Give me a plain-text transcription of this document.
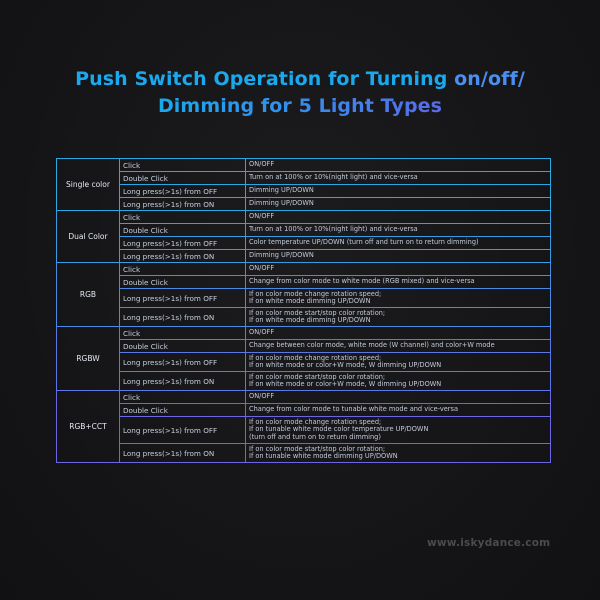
Push Switch Operation for Turning on/off/
Dimming for 5 Light Types
Single color	Click	ON/OFF

	Double Click	Turn on at 100% or 10%(night light) and vice-versa

	Long press(>1s) from OFF	Dimming UP/DOWN

	Long press(>1s) from ON	Dimming UP/DOWN

Dual Color	Click	ON/OFF

	Double Click	Turn on at 100% or 10%(night light) and vice-versa

	Long press(>1s) from OFF	Color temperature UP/DOWN (turn off and turn on to return dimming)

	Long press(>1s) from ON	Dimming UP/DOWN

RGB	Click	ON/OFF

	Double Click	Change from color mode to white mode (RGB mixed) and vice-versa

	Long press(>1s) from OFF	If on color mode change rotation speed;
If on white mode dimming UP/DOWN

	Long press(>1s) from ON	If on color mode start/stop color rotation;
If on white mode dimming UP/DOWN

RGBW	Click	ON/OFF

	Double Click	Change between color mode, white mode (W channel) and color+W mode

	Long press(>1s) from OFF	If on color mode change rotation speed;
If on white mode or color+W mode, W dimming UP/DOWN

	Long press(>1s) from ON	If on color mode start/stop color rotation;
If on white mode or color+W mode, W dimming UP/DOWN

RGB+CCT	Click	ON/OFF

	Double Click	Change from color mode to tunable white mode and vice-versa

	Long press(>1s) from OFF	If on color mode change rotation speed;
If on tunable white mode color temperature UP/DOWN
(turn off and turn on to return dimming)

	Long press(>1s) from ON	If on color mode start/stop color rotation;
If on tunable white mode dimming UP/DOWN
www.iskydance.com
